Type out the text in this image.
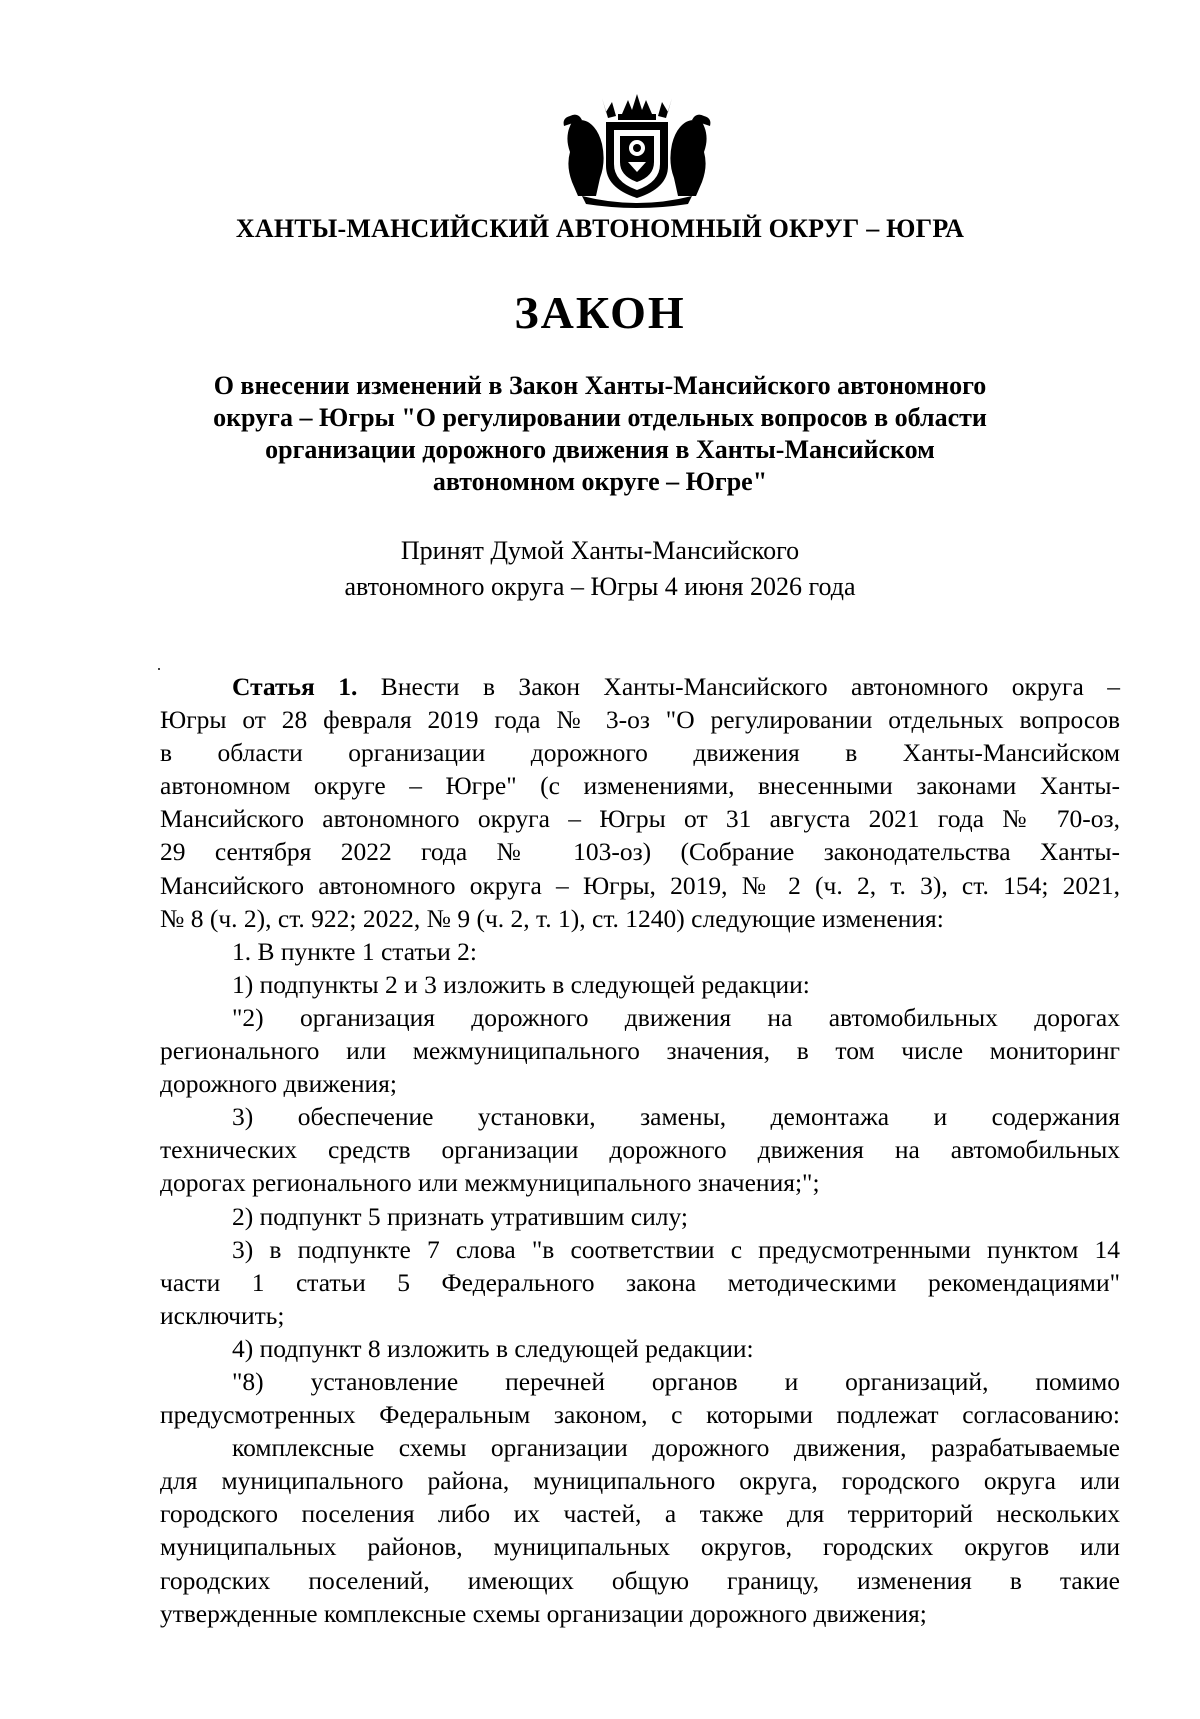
ХАНТЫ-МАНСИЙСКИЙ АВТОНОМНЫЙ ОКРУГ – ЮГРА
ЗАКОН
О внесении изменений в Закон Ханты-Мансийского автономного
округа – Югры "О регулировании отдельных вопросов в области
организации дорожного движения в Ханты-Мансийском
автономном округе – Югре"
Принят Думой Ханты-Мансийского
автономного округа – Югры 4 июня 2026 года
Статья 1. Внести в Закон Ханты-Мансийского автономного округа –
Югры от 28 февраля 2019 года № 3-оз "О регулировании отдельных вопросов
в области организации дорожного движения в Ханты-Мансийском
автономном округе – Югре" (с изменениями, внесенными законами Ханты-
Мансийского автономного округа – Югры от 31 августа 2021 года № 70-оз,
29 сентября 2022 года № 103-оз) (Собрание законодательства Ханты-
Мансийского автономного округа – Югры, 2019, № 2 (ч. 2, т. 3), ст. 154; 2021,
№ 8 (ч. 2), ст. 922; 2022, № 9 (ч. 2, т. 1), ст. 1240) следующие изменения:
1. В пункте 1 статьи 2:
1) подпункты 2 и 3 изложить в следующей редакции:
"2) организация дорожного движения на автомобильных дорогах
регионального или межмуниципального значения, в том числе мониторинг
дорожного движения;
3) обеспечение установки, замены, демонтажа и содержания
технических средств организации дорожного движения на автомобильных
дорогах регионального или межмуниципального значения;";
2) подпункт 5 признать утратившим силу;
3) в подпункте 7 слова "в соответствии с предусмотренными пунктом 14
части 1 статьи 5 Федерального закона методическими рекомендациями"
исключить;
4) подпункт 8 изложить в следующей редакции:
"8) установление перечней органов и организаций, помимо
предусмотренных Федеральным законом, с которыми подлежат согласованию:
комплексные схемы организации дорожного движения, разрабатываемые
для муниципального района, муниципального округа, городского округа или
городского поселения либо их частей, а также для территорий нескольких
муниципальных районов, муниципальных округов, городских округов или
городских поселений, имеющих общую границу, изменения в такие
утвержденные комплексные схемы организации дорожного движения;
